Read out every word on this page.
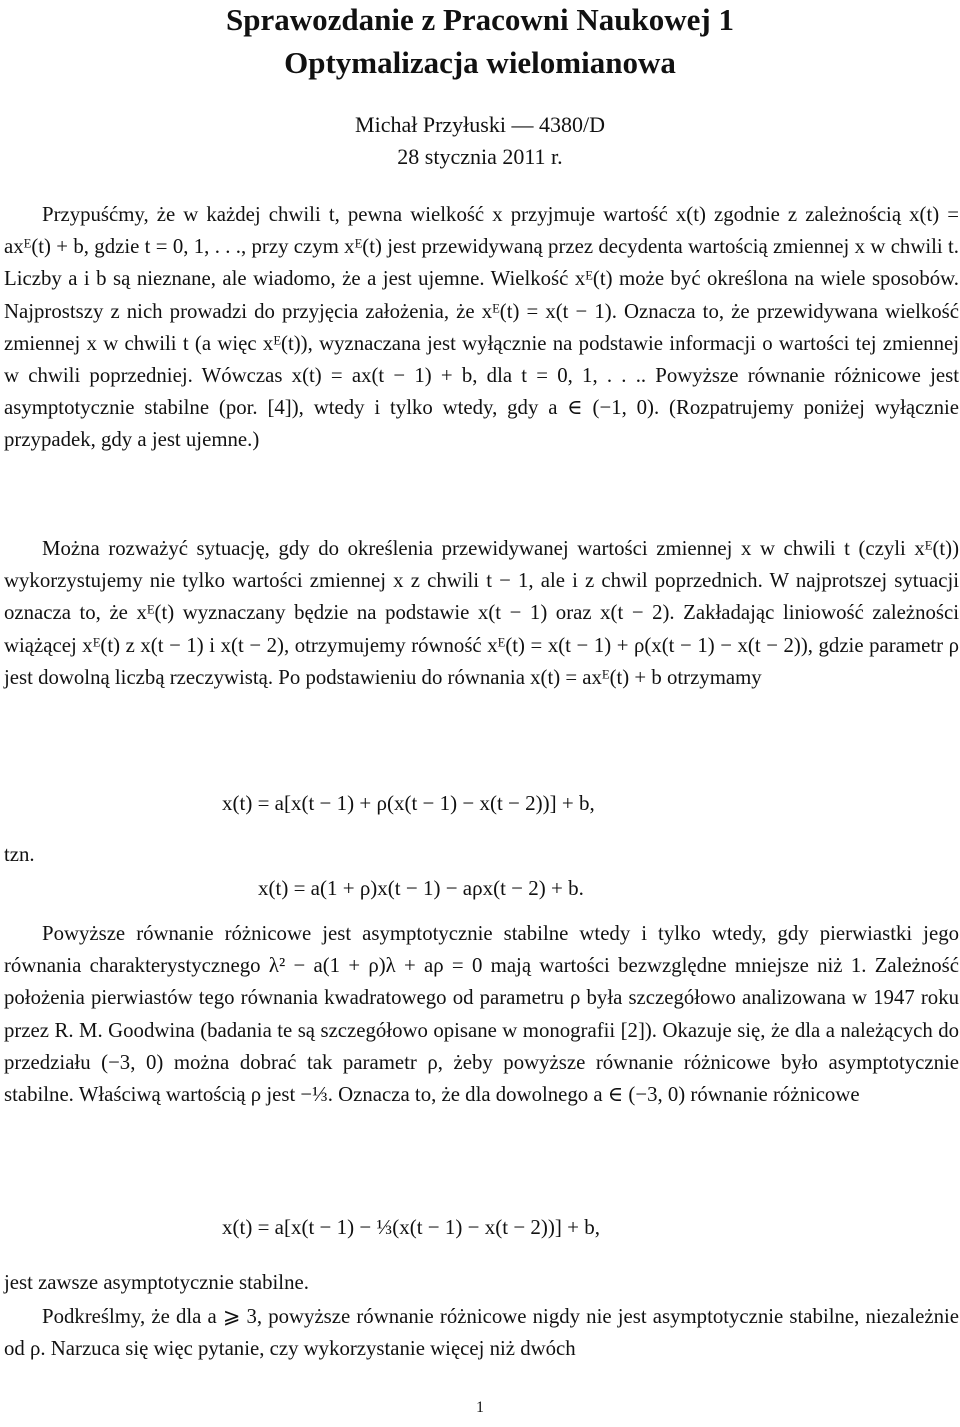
Sprawozdanie z Pracowni Naukowej 1
Optymalizacja wielomianowa
Michał Przyłuski — 4380/D
28 stycznia 2011 r.

Przypuśćmy, że w każdej chwili t, pewna wielkość x przyjmuje wartość x(t) zgodnie z zależnością x(t) = axᴱ(t) + b, gdzie t = 0, 1, . . ., przy czym xᴱ(t) jest przewidywaną przez decydenta wartością zmiennej x w chwili t. Liczby a i b są nieznane, ale wiadomo, że a jest ujemne. Wielkość xᴱ(t) może być określona na wiele sposobów. Najprostszy z nich prowadzi do przyjęcia założenia, że xᴱ(t) = x(t − 1). Oznacza to, że przewidywana wielkość zmiennej x w chwili t (a więc xᴱ(t)), wyznaczana jest wyłącznie na podstawie informacji o wartości tej zmiennej w chwili poprzedniej. Wówczas x(t) = ax(t − 1) + b, dla t = 0, 1, . . .. Powyższe równanie różnicowe jest asymptotycznie stabilne (por. [4]), wtedy i tylko wtedy, gdy a ∈ (−1, 0). (Rozpatrujemy poniżej wyłącznie przypadek, gdy a jest ujemne.)

Można rozważyć sytuację, gdy do określenia przewidywanej wartości zmiennej x w chwili t (czyli xᴱ(t)) wykorzystujemy nie tylko wartości zmiennej x z chwili t − 1, ale i z chwil poprzednich. W najprotszej sytuacji oznacza to, że xᴱ(t) wyznaczany będzie na podstawie x(t − 1) oraz x(t − 2). Zakładając liniowość zależności wiążącej xᴱ(t) z x(t − 1) i x(t − 2), otrzymujemy równość xᴱ(t) = x(t − 1) + ρ(x(t − 1) − x(t − 2)), gdzie parametr ρ jest dowolną liczbą rzeczywistą. Po podstawieniu do równania x(t) = axᴱ(t) + b otrzymamy

x(t) = a[x(t − 1) + ρ(x(t − 1) − x(t − 2))] + b,
tzn.
x(t) = a(1 + ρ)x(t − 1) − aρx(t − 2) + b.

Powyższe równanie różnicowe jest asymptotycznie stabilne wtedy i tylko wtedy, gdy pierwiastki jego równania charakterystycznego λ² − a(1 + ρ)λ + aρ = 0 mają wartości bezwzględne mniejsze niż 1. Zależność położenia pierwiastów tego równania kwadratowego od parametru ρ była szczegółowo analizowana w 1947 roku przez R. M. Goodwina (badania te są szczegółowo opisane w monografii [2]). Okazuje się, że dla a należących do przedziału (−3, 0) można dobrać tak parametr ρ, żeby powyższe równanie różnicowe było asymptotycznie stabilne. Właściwą wartością ρ jest −⅓. Oznacza to, że dla dowolnego a ∈ (−3, 0) równanie różnicowe

x(t) = a[x(t − 1) − ⅓(x(t − 1) − x(t − 2))] + b,

jest zawsze asymptotycznie stabilne.

Podkreślmy, że dla a ⩾ 3, powyższe równanie różnicowe nigdy nie jest asymptotycznie stabilne, niezależnie od ρ. Narzuca się więc pytanie, czy wykorzystanie więcej niż dwóch

1
